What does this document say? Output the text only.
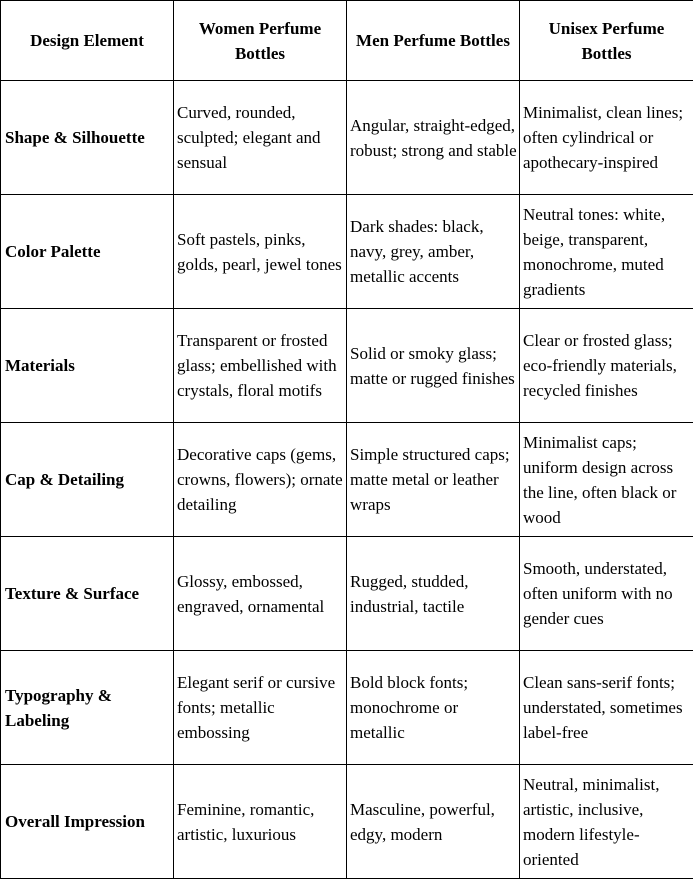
Design Element	Women Perfume Bottles	Men Perfume Bottles	Unisex Perfume Bottles
Shape & Silhouette	Curved, rounded, sculpted; elegant and sensual	Angular, straight-edged, robust; strong and stable	Minimalist, clean lines; often cylindrical or apothecary-inspired
Color Palette	Soft pastels, pinks, golds, pearl, jewel tones	Dark shades: black, navy, grey, amber, metallic accents	Neutral tones: white, beige, transparent, monochrome, muted gradients
Materials	Transparent or frosted glass; embellished with crystals, floral motifs	Solid or smoky glass; matte or rugged finishes	Clear or frosted glass; eco-friendly materials, recycled finishes
Cap & Detailing	Decorative caps (gems, crowns, flowers); ornate detailing	Simple structured caps; matte metal or leather wraps	Minimalist caps; uniform design across the line, often black or wood
Texture & Surface	Glossy, embossed, engraved, ornamental	Rugged, studded, industrial, tactile	Smooth, understated, often uniform with no gender cues
Typography & Labeling	Elegant serif or cursive fonts; metallic embossing	Bold block fonts; monochrome or metallic	Clean sans-serif fonts; understated, sometimes label-free
Overall Impression	Feminine, romantic, artistic, luxurious	Masculine, powerful, edgy, modern	Neutral, minimalist, artistic, inclusive, modern lifestyle-oriented
